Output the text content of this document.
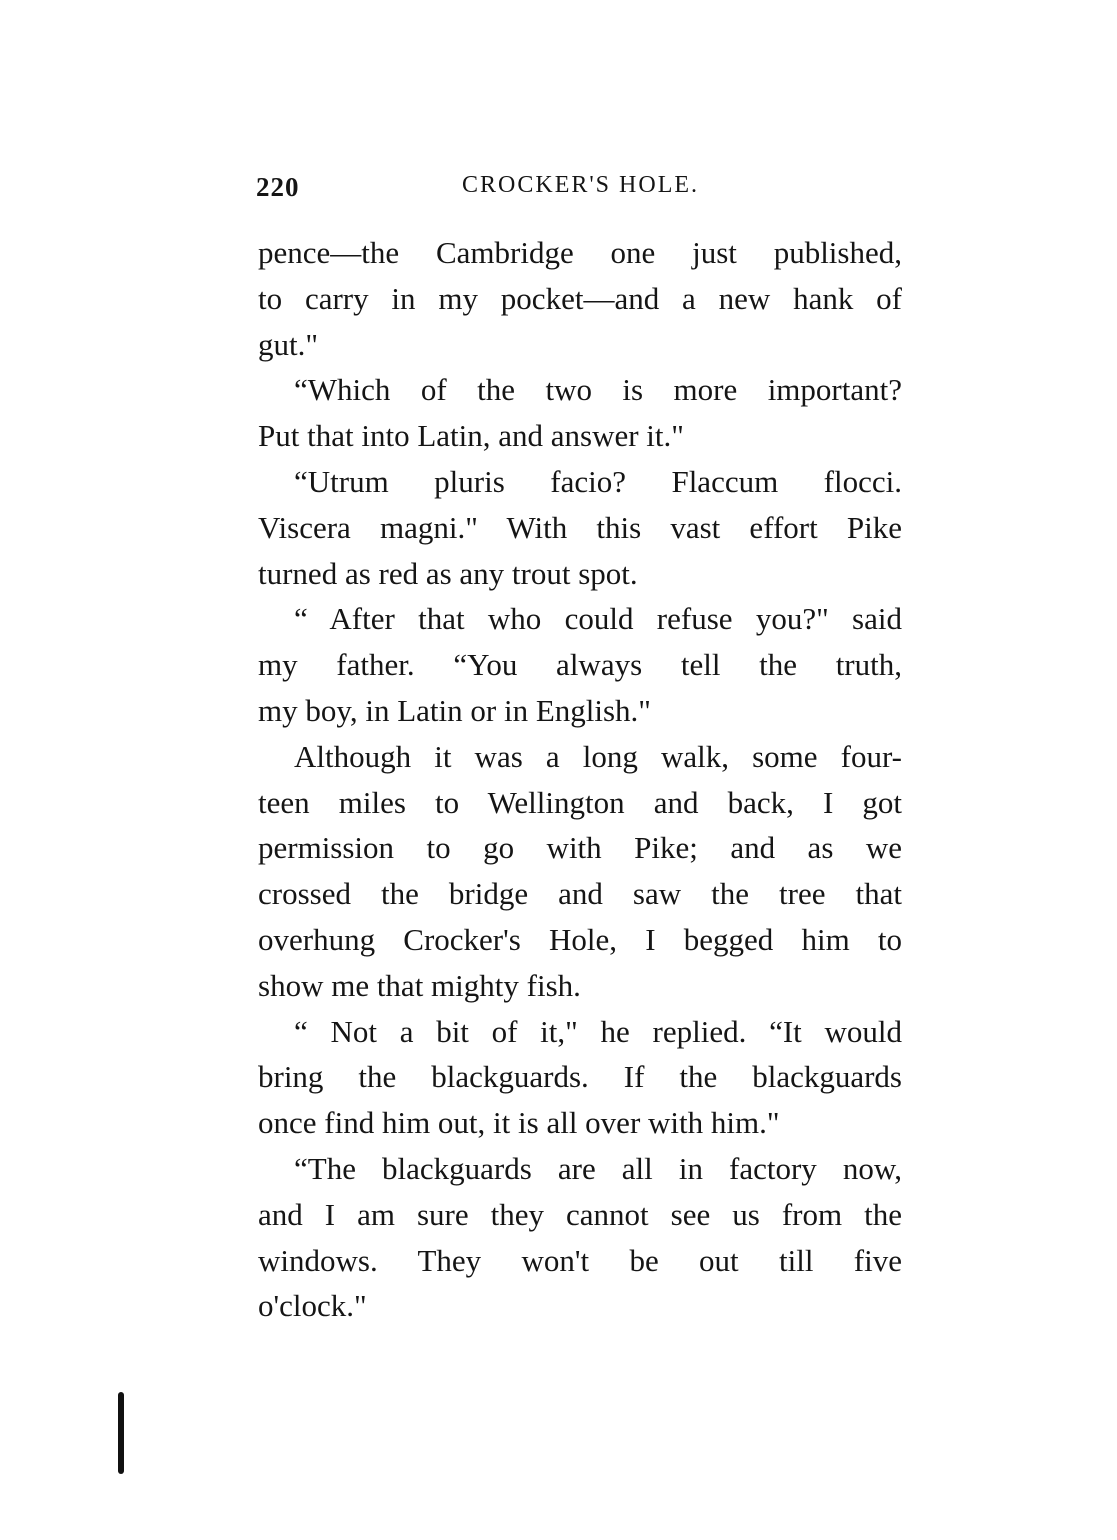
220	CROCKER'S HOLE.

pence—the Cambridge one just published,
to carry in my pocket—and a new hank of
gut."

“Which of the two is more important?
Put that into Latin, and answer it."

“Utrum pluris facio? Flaccum flocci.
Viscera magni." With this vast effort Pike
turned as red as any trout spot.

“ After that who could refuse you?" said
my father. “You always tell the truth,
my boy, in Latin or in English."

Although it was a long walk, some four-
teen miles to Wellington and back, I got
permission to go with Pike; and as we
crossed the bridge and saw the tree that
overhung Crocker's Hole, I begged him to
show me that mighty fish.

“ Not a bit of it," he replied. “It would
bring the blackguards. If the blackguards
once find him out, it is all over with him."

“The blackguards are all in factory now,
and I am sure they cannot see us from the
windows. They won't be out till five
o'clock."
